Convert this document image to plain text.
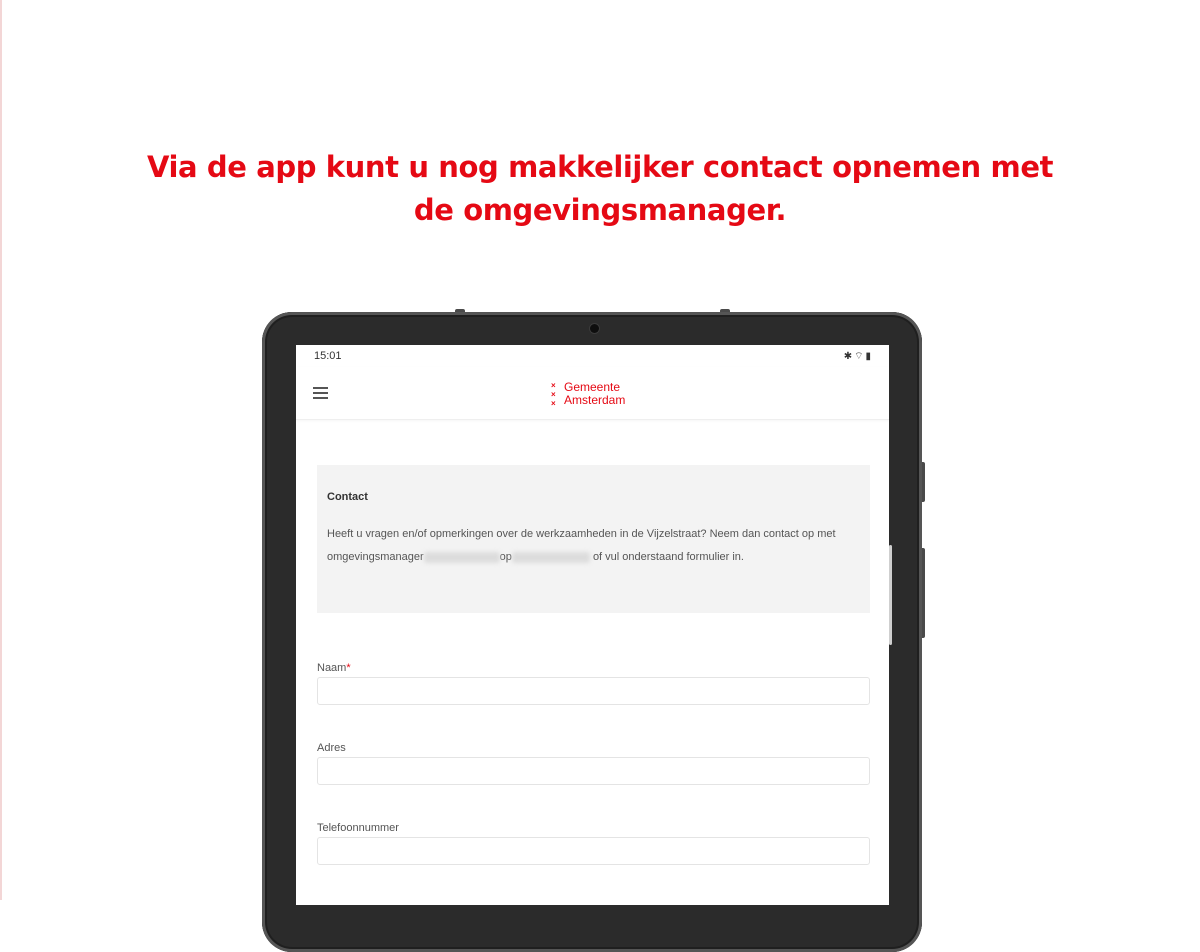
Via de app kunt u nog makkelijker contact opnemen met
de omgevingsmanager.
15:01	✱⌔▮
×
×
×
Gemeente
Amsterdam
Contact
Heeft u vragen en/of opmerkingen over de werkzaamheden in de Vijzelstraat? Neem dan contact op met omgevingsmanager	op	of vul onderstaand formulier in.
Naam*
Adres
Telefoonnummer
